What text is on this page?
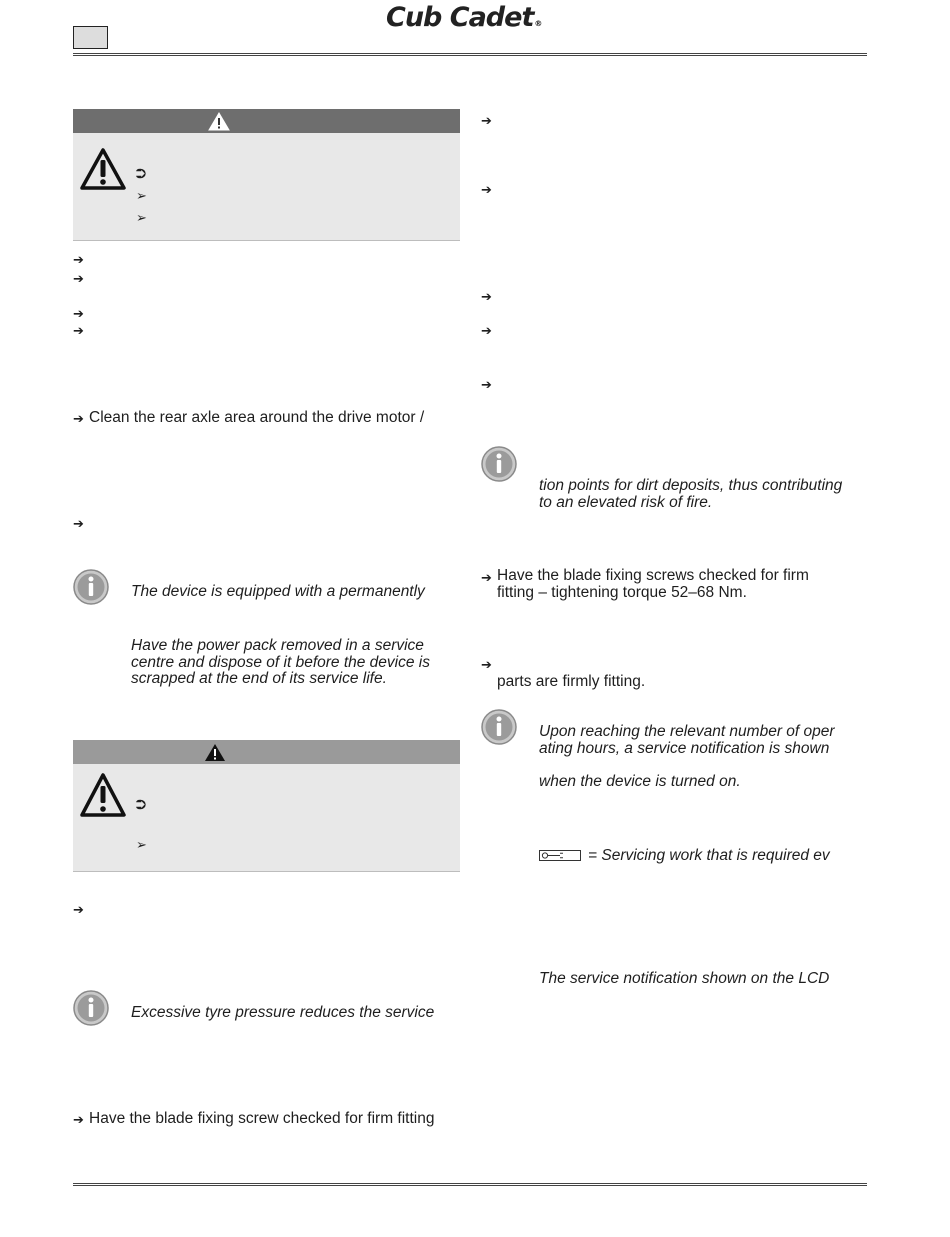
Cub Cadet®
⮊
➢
➢
➔
➔
➔
➔
➔ Clean the rear axle area around the drive motor /
➔
The device is equipped with a permanently
Have the power pack removed in a service
centre and dispose of it before the device is
scrapped at the end of its service life.
⮊
➢
➔
Excessive tyre pressure reduces the service
➔ Have the blade fixing screw checked for firm fitting
➔
➔
➔
➔
➔
tion points for dirt deposits, thus contributing
to an elevated risk of fire.
➔ Have the blade fixing screws checked for firm
fitting – tightening torque 52–68 Nm.
➔
parts are firmly fitting.
Upon reaching the relevant number of oper
ating hours, a service notification is shown
when the device is turned on.
= Servicing work that is required ev
The service notification shown on the LCD
